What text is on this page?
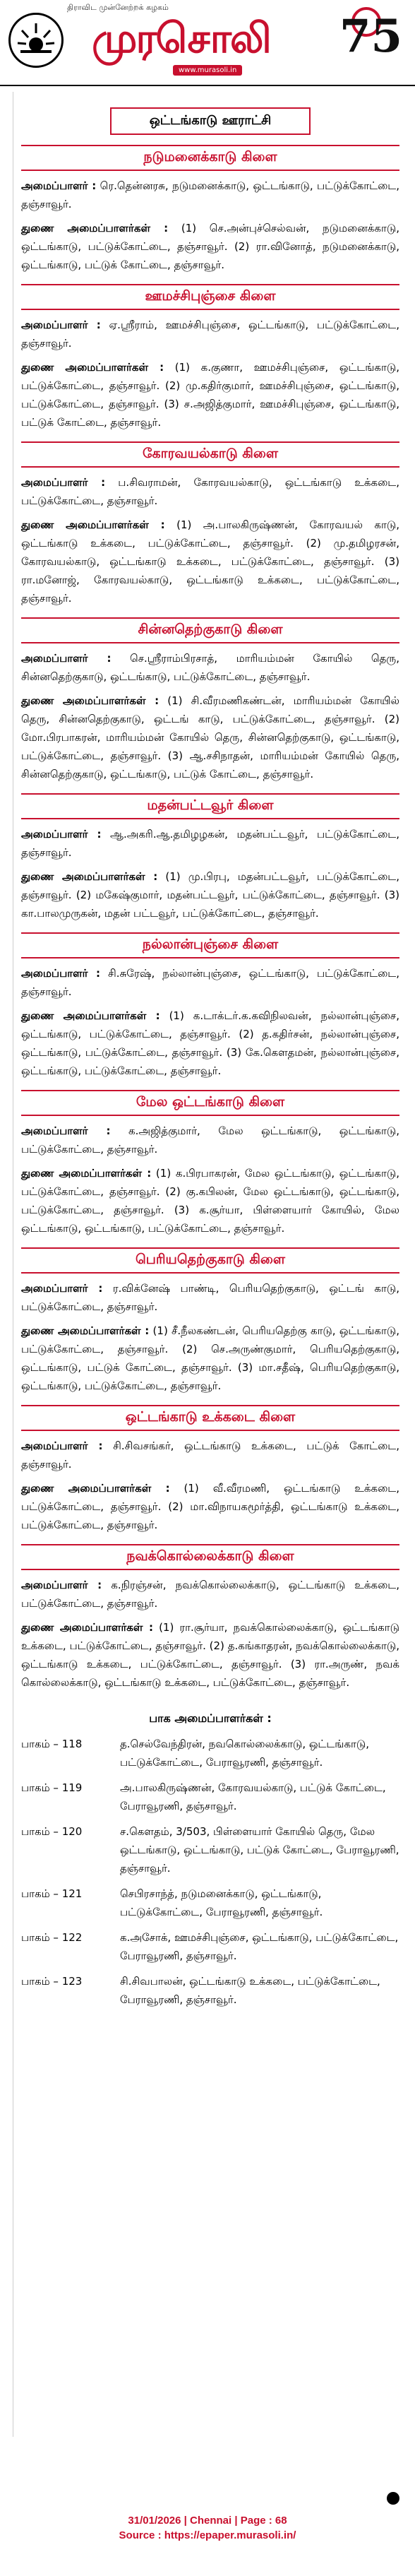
திராவிட முன்னேற்றக் கழகம்
முரசொலி
www.murasoli.in
75
ஒட்டங்காடு ஊராட்சி
நடுமனைக்காடு கிளை

அமைப்பாளர் : ரெ.தென்னரசு, நடுமனைக்காடு, ஒட்டங்காடு, பட்டுக்கோட்டை, தஞ்சாவூர்.

துணை அமைப்பாளர்கள் : (1) செ.அன்புச்செல்வன், நடுமனைக்காடு, ஒட்டங்காடு, பட்டுக்கோட்டை, தஞ்சாவூர். (2) ரா.வினோத், நடுமனைக்காடு, ஒட்டங்காடு, பட்டுக் கோட்டை, தஞ்சாவூர்.

ஊமச்சிபுஞ்சை கிளை

அமைப்பாளர் : ஏ.ஸ்ரீராம், ஊமச்சிபுஞ்சை, ஒட்டங்காடு, பட்டுக்கோட்டை, தஞ்சாவூர்.

துணை அமைப்பாளர்கள் : (1) க.குணா, ஊமச்சிபுஞ்சை, ஒட்டங்காடு, பட்டுக்கோட்டை, தஞ்சாவூர். (2) மு.கதிர்குமார், ஊமச்சிபுஞ்சை, ஒட்டங்காடு, பட்டுக்கோட்டை, தஞ்சாவூர். (3) ச.அஜித்குமார், ஊமச்சிபுஞ்சை, ஒட்டங்காடு, பட்டுக் கோட்டை, தஞ்சாவூர்.

கோரவயல்காடு கிளை

அமைப்பாளர் : ப.சிவராமன், கோரவயல்காடு, ஒட்டங்காடு உக்கடை, பட்டுக்கோட்டை, தஞ்சாவூர்.

துணை அமைப்பாளர்கள் : (1) அ.பாலகிருஷ்ணன், கோரவயல் காடு, ஒட்டங்காடு உக்கடை, பட்டுக்கோட்டை, தஞ்சாவூர். (2) மு.தமிழரசன், கோரவயல்காடு, ஒட்டங்காடு உக்கடை, பட்டுக்கோட்டை, தஞ்சாவூர். (3) ரா.மனோஜ், கோரவயல்காடு, ஒட்டங்காடு உக்கடை, பட்டுக்கோட்டை, தஞ்சாவூர்.

சின்னதெற்குகாடு கிளை

அமைப்பாளர் : செ.ஸ்ரீராம்பிரசாத், மாரியம்மன் கோயில் தெரு, சின்னதெற்குகாடு, ஒட்டங்காடு, பட்டுக்கோட்டை, தஞ்சாவூர்.

துணை அமைப்பாளர்கள் : (1) சி.வீரமணிகண்டன், மாரியம்மன் கோயில் தெரு, சின்னதெற்குகாடு, ஒட்டங் காடு, பட்டுக்கோட்டை, தஞ்சாவூர். (2) மோ.பிரபாகரன், மாரியம்மன் கோயில் தெரு, சின்னதெற்குகாடு, ஒட்டங்காடு, பட்டுக்கோட்டை, தஞ்சாவூர். (3) ஆ.சசிநாதன், மாரியம்மன் கோயில் தெரு, சின்னதெற்குகாடு, ஒட்டங்காடு, பட்டுக் கோட்டை, தஞ்சாவூர்.

மதன்பட்டவூர் கிளை

அமைப்பாளர் : ஆ.அகரி.ஆ.தமிழழகன், மதன்பட்டவூர், பட்டுக்கோட்டை, தஞ்சாவூர்.

துணை அமைப்பாளர்கள் : (1) மு.பிரபு, மதன்பட்டவூர், பட்டுக்கோட்டை, தஞ்சாவூர். (2) மகேஷ்குமார், மதன்பட்டவூர், பட்டுக்கோட்டை, தஞ்சாவூர். (3) கா.பாலமுருகன், மதன் பட்டவூர், பட்டுக்கோட்டை, தஞ்சாவூர்.

நல்லான்புஞ்சை கிளை

அமைப்பாளர் : சி.சுரேஷ், நல்லான்புஞ்சை, ஒட்டங்காடு, பட்டுக்கோட்டை, தஞ்சாவூர்.

துணை அமைப்பாளர்கள் : (1) க.டாக்டர்.க.கவிநிலவன், நல்லான்புஞ்சை, ஒட்டங்காடு, பட்டுக்கோட்டை, தஞ்சாவூர். (2) த.கதிர்சன், நல்லான்புஞ்சை, ஒட்டங்காடு, பட்டுக்கோட்டை, தஞ்சாவூர். (3) கே.கௌதமன், நல்லான்புஞ்சை, ஒட்டங்காடு, பட்டுக்கோட்டை, தஞ்சாவூர்.

மேல ஒட்டங்காடு கிளை

அமைப்பாளர் : க.அஜித்குமார், மேல ஒட்டங்காடு, ஒட்டங்காடு, பட்டுக்கோட்டை, தஞ்சாவூர்.

துணை அமைப்பாளர்கள் : (1) க.பிரபாகரன், மேல ஒட்டங்காடு, ஒட்டங்காடு, பட்டுக்கோட்டை, தஞ்சாவூர். (2) கு.கபிலன், மேல ஒட்டங்காடு, ஒட்டங்காடு, பட்டுக்கோட்டை, தஞ்சாவூர். (3) க.சூர்யா, பிள்ளையார் கோயில், மேல ஒட்டங்காடு, ஒட்டங்காடு, பட்டுக்கோட்டை, தஞ்சாவூர்.

பெரியதெற்குகாடு கிளை

அமைப்பாளர் : ர.விக்னேஷ் பாண்டி, பெரியதெற்குகாடு, ஒட்டங் காடு, பட்டுக்கோட்டை, தஞ்சாவூர்.

துணை அமைப்பாளர்கள் : (1) சீ.நீலகண்டன், பெரியதெற்கு காடு, ஒட்டங்காடு, பட்டுக்கோட்டை, தஞ்சாவூர். (2) செ.அருண்குமார், பெரியதெற்குகாடு, ஒட்டங்காடு, பட்டுக் கோட்டை, தஞ்சாவூர். (3) மா.சதீஷ், பெரியதெற்குகாடு, ஒட்டங்காடு, பட்டுக்கோட்டை, தஞ்சாவூர்.

ஒட்டங்காடு உக்கடை கிளை

அமைப்பாளர் : சி.சிவசங்கர், ஒட்டங்காடு உக்கடை, பட்டுக் கோட்டை, தஞ்சாவூர்.

துணை அமைப்பாளர்கள் : (1) வீ.வீரமணி, ஒட்டங்காடு உக்கடை, பட்டுக்கோட்டை, தஞ்சாவூர். (2) மா.விநாயகமூர்த்தி, ஒட்டங்காடு உக்கடை, பட்டுக்கோட்டை, தஞ்சாவூர்.

நவக்கொல்லைக்காடு கிளை

அமைப்பாளர் : க.நிரஞ்சன், நவக்கொல்லைக்காடு, ஒட்டங்காடு உக்கடை, பட்டுக்கோட்டை, தஞ்சாவூர்.

துணை அமைப்பாளர்கள் : (1) ரா.சூர்யா, நவக்கொல்லைக்காடு, ஒட்டங்காடு உக்கடை, பட்டுக்கோட்டை, தஞ்சாவூர். (2) த.கங்காதரன், நவக்கொல்லைக்காடு, ஒட்டங்காடு உக்கடை, பட்டுக்கோட்டை, தஞ்சாவூர். (3) ரா.அருண், நவக் கொல்லைக்காடு, ஒட்டங்காடு உக்கடை, பட்டுக்கோட்டை, தஞ்சாவூர்.

பாக அமைப்பாளர்கள் :
பாகம் – 118	த.செல்வேந்திரன், நவகொல்லைக்காடு, ஒட்டங்காடு, பட்டுக்கோட்டை, பேராவூரணி, தஞ்சாவூர்.
பாகம் – 119	அ.பாலகிருஷ்ணன், கோரவயல்காடு, பட்டுக் கோட்டை, பேராவூரணி, தஞ்சாவூர்.
பாகம் – 120	ச.கௌதம், 3/503, பிள்ளையார் கோயில் தெரு, மேல ஒட்டங்காடு, ஒட்டங்காடு, பட்டுக் கோட்டை, பேராவூரணி, தஞ்சாவூர்.
பாகம் – 121	செபிரசாந்த், நடுமனைக்காடு, ஒட்டங்காடு, பட்டுக்கோட்டை, பேராவூரணி, தஞ்சாவூர்.
பாகம் – 122	க.அசோக், ஊமச்சிபுஞ்சை, ஒட்டங்காடு, பட்டுக்கோட்டை, பேராவூரணி, தஞ்சாவூர்.
பாகம் – 123	சி.சிவபாலன், ஒட்டங்காடு உக்கடை, பட்டுக்கோட்டை, பேராவூரணி, தஞ்சாவூர்.
31/01/2026 | Chennai | Page : 68
Source : https://epaper.murasoli.in/
